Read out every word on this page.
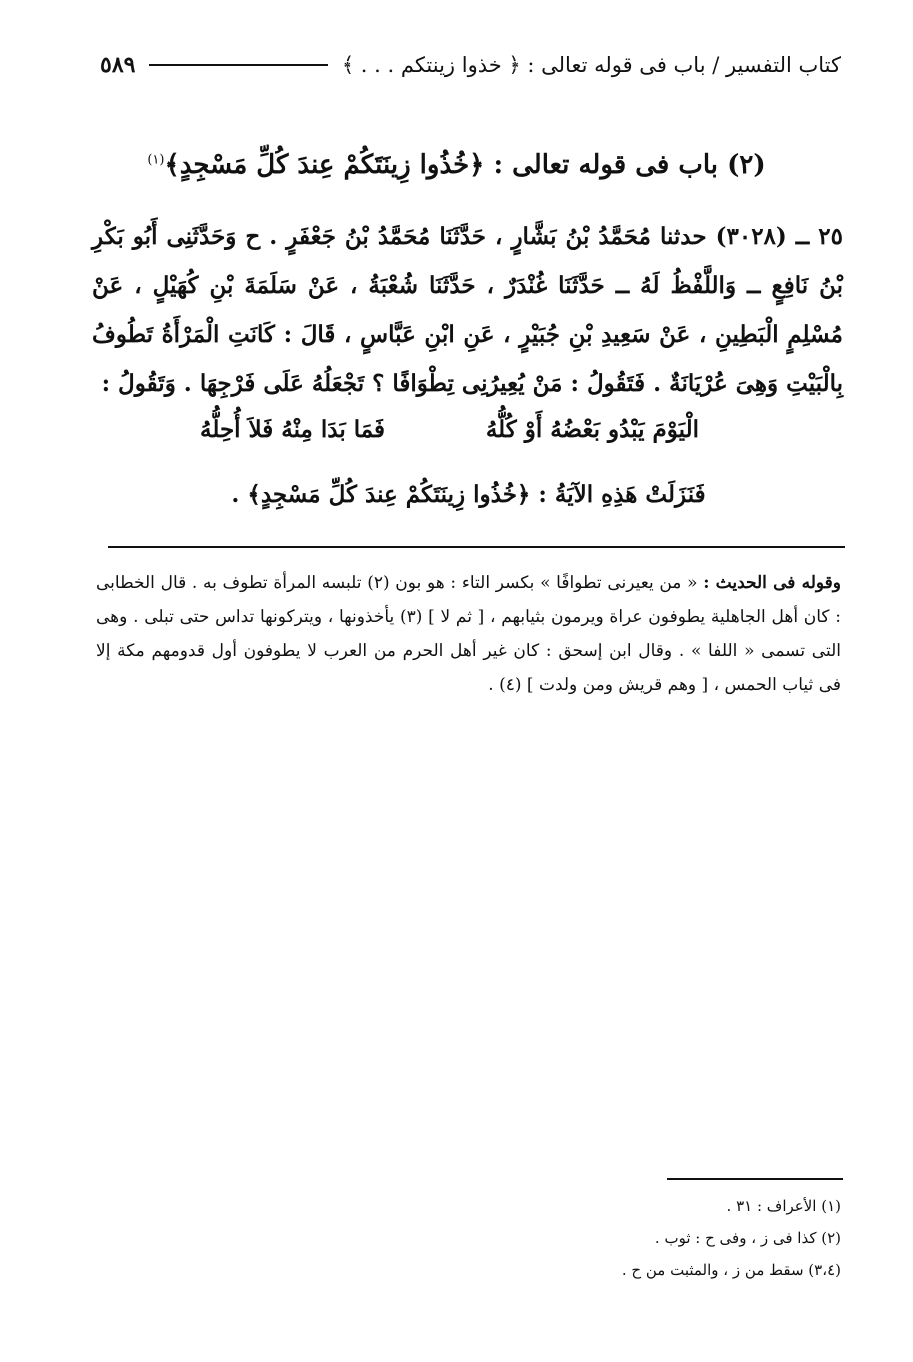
كتاب التفسير / باب فى قوله تعالى : ﴿ خذوا زينتكم . . . ﴾
٥٨٩
(٢) باب فى قوله تعالى : ﴿خُذُوا زِينَتَكُمْ عِندَ كُلِّ مَسْجِدٍ﴾$^{(١)}$
٢٥ ــ (٣٠٢٨) حدثنا مُحَمَّدُ بْنُ بَشَّارٍ ، حَدَّثَنَا مُحَمَّدُ بْنُ جَعْفَرٍ . ح وَحَدَّثَنِى أَبُو بَكْرِ بْنُ نَافِعٍ ــ وَاللَّفْظُ لَهُ ــ حَدَّثَنَا غُنْدَرٌ ، حَدَّثَنَا شُعْبَةُ ، عَنْ سَلَمَةَ بْنِ كُهَيْلٍ ، عَنْ مُسْلِمٍ الْبَطِينِ ، عَنْ سَعِيدِ بْنِ جُبَيْرٍ ، عَنِ ابْنِ عَبَّاسٍ ، قَالَ : كَانَتِ الْمَرْأَةُ تَطُوفُ بِالْبَيْتِ وَهِىَ عُرْيَانَةٌ . فَتَقُولُ : مَنْ يُعِيرُنِى تِطْوَافًا ؟ تَجْعَلُهُ عَلَى فَرْجِهَا . وَتَقُولُ :
الْيَوْمَ يَبْدُو بَعْضُهُ أَوْ كُلُّهُ
فَمَا بَدَا مِنْهُ فَلاَ أُحِلُّهُ
فَنَزَلَتْ هَذِهِ الآيَةُ : ﴿خُذُوا زِينَتَكُمْ عِندَ كُلِّ مَسْجِدٍ﴾ .
وقوله فى الحديث : « من يعيرنى تطوافًا » بكسر التاء : هو بون (٢) تلبسه المرأة تطوف به . قال الخطابى : كان أهل الجاهلية يطوفون عراة ويرمون بثيابهم ، [ ثم لا ] (٣) يأخذونها ، ويتركونها تداس حتى تبلى . وهى التى تسمى « اللفا » . وقال ابن إسحق : كان غير أهل الحرم من العرب لا يطوفون أول قدومهم مكة إلا فى ثياب الحمس ، [ وهم قريش ومن ولدت ] (٤) .
(١) الأعراف : ٣١ .
(٢) كذا فى ز ، وفى ح : ثوب .
(٣،٤) سقط من ز ، والمثبت من ح .
